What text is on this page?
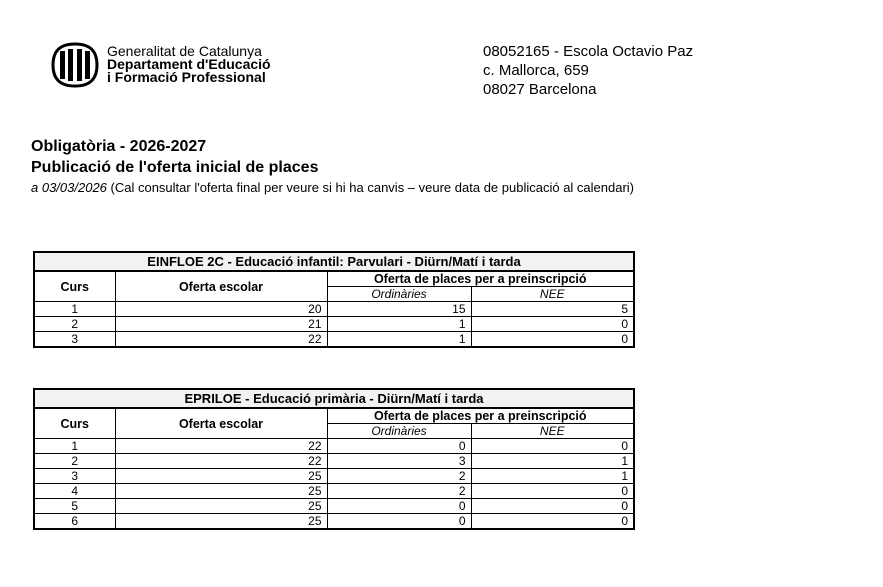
Generalitat de Catalunya
Departament d'Educació
i Formació Professional
08052165 - Escola Octavio Paz
c. Mallorca, 659
08027 Barcelona
Obligatòria - 2026-2027
Publicació de l'oferta inicial de places
a 03/03/2026 (Cal consultar l'oferta final per veure si hi ha canvis – veure data de publicació al calendari)
EINFLOE 2C - Educació infantil: Parvulari - Diürn/Matí i tarda			
Curs	Oferta escolar	Oferta de places per a preinscripció	
		Ordinàries	NEE
1	20	15	5
2	21	1	0
3	22	1	0
EPRILOE - Educació primària - Diürn/Matí i tarda			
Curs	Oferta escolar	Oferta de places per a preinscripció	
		Ordinàries	NEE
1	22	0	0
2	22	3	1
3	25	2	1
4	25	2	0
5	25	0	0
6	25	0	0
